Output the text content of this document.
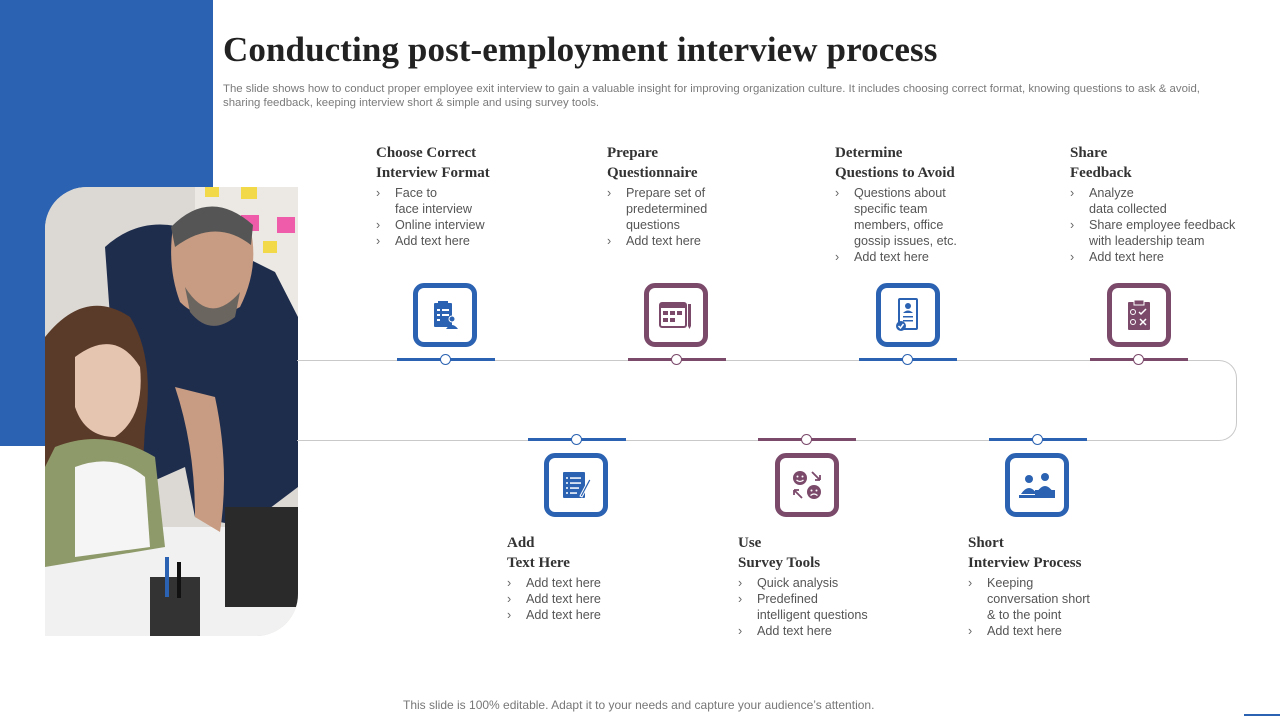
Conducting post-employment interview process

The slide shows how to conduct proper employee exit interview to gain a valuable insight for improving organization culture. It includes choosing correct format, knowing questions to ask & avoid, sharing feedback, keeping interview short & simple and using survey tools.

Choose Correct
Interview Format
› Face to
face interview
› Online interview
› Add text here
Prepare
Questionnaire
› Prepare set of
predetermined
questions
› Add text here
Determine
Questions to Avoid
› Questions about
specific team
members, office
gossip issues, etc.
› Add text here
Share
Feedback
› Analyze
data collected
› Share employee feedback
with leadership team
› Add text here
Add
Text Here
› Add text here
› Add text here
› Add text here
Use
Survey Tools
› Quick analysis
› Predefined
intelligent questions
› Add text here
Short
Interview Process
› Keeping
conversation short
& to the point
› Add text here
This slide is 100% editable. Adapt it to your needs and capture your audience’s attention.
